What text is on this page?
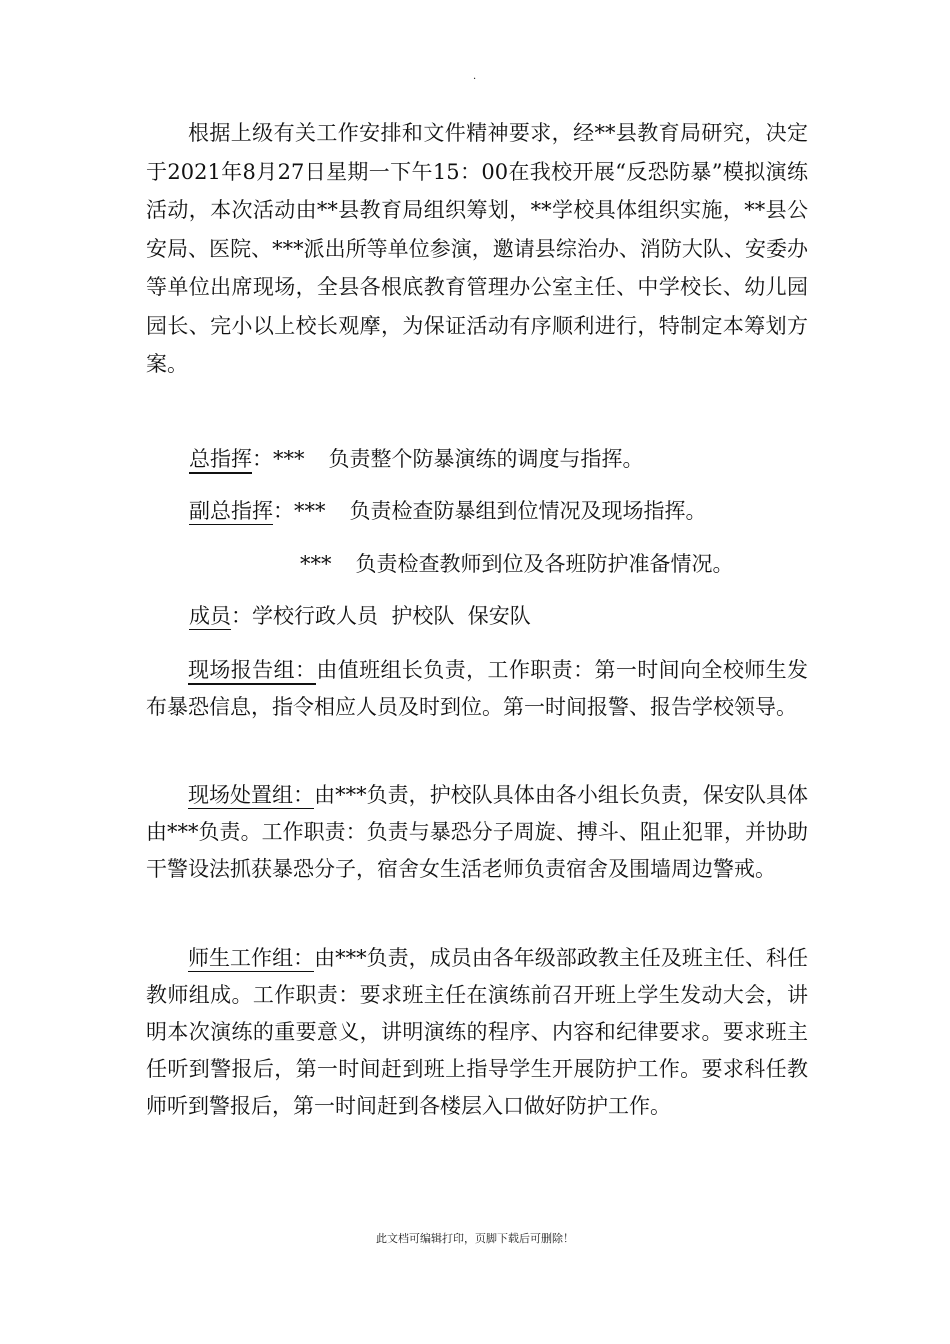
.

根据上级有关工作安排和文件精神要求，经**县教育局研究，决定于2021年8月27日星期一下午15：00在我校开展“反恐防暴”模拟演练活动，本次活动由**县教育局组织筹划，**学校具体组织实施，**县公安局、医院、***派出所等单位参演，邀请县综治办、消防大队、安委办等单位出席现场，全县各根底教育管理办公室主任、中学校长、幼儿园园长、完小以上校长观摩，为保证活动有序顺利进行，特制定本筹划方案。

总指挥：*** 负责整个防暴演练的调度与指挥。

副总指挥：*** 负责检查防暴组到位情况及现场指挥。

*** 负责检查教师到位及各班防护准备情况。

成员：学校行政人员  护校队  保安队

现场报告组：由值班组长负责，工作职责：第一时间向全校师生发布暴恐信息，指令相应人员及时到位。第一时间报警、报告学校领导。

现场处置组：由***负责，护校队具体由各小组长负责，保安队具体由***负责。工作职责：负责与暴恐分子周旋、搏斗、阻止犯罪，并协助干警设法抓获暴恐分子，宿舍女生活老师负责宿舍及围墙周边警戒。

师生工作组：由***负责，成员由各年级部政教主任及班主任、科任教师组成。工作职责：要求班主任在演练前召开班上学生发动大会，讲明本次演练的重要意义，讲明演练的程序、内容和纪律要求。要求班主任听到警报后，第一时间赶到班上指导学生开展防护工作。要求科任教师听到警报后，第一时间赶到各楼层入口做好防护工作。

此文档可编辑打印，页脚下载后可删除！
